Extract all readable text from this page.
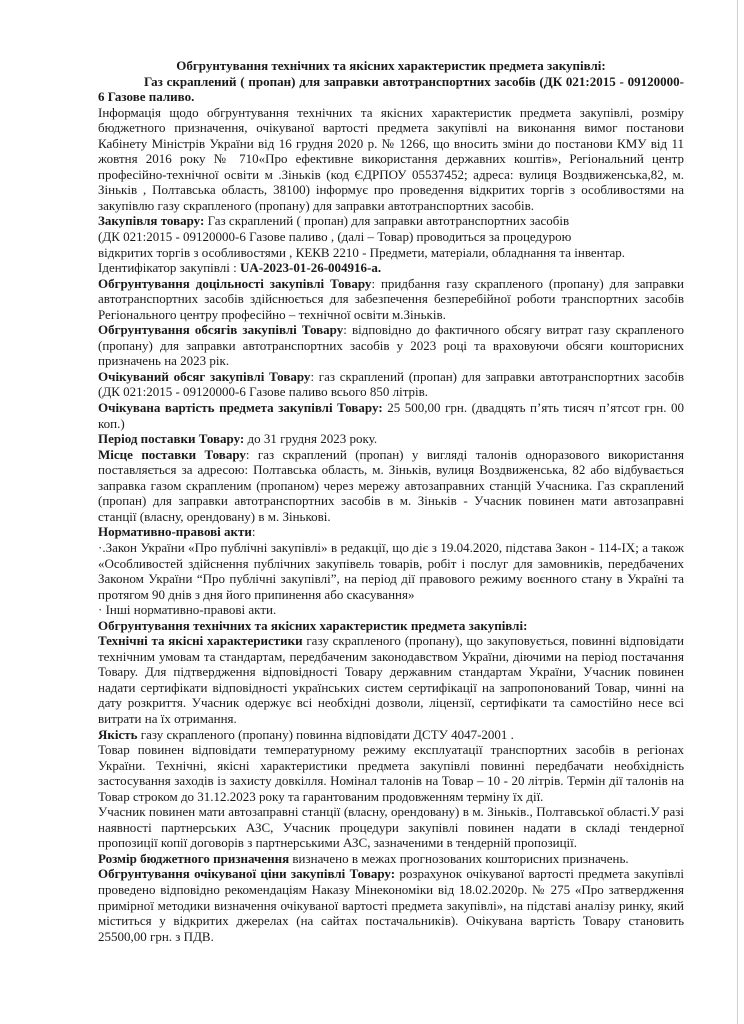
Обгрунтування технічних та якісних характеристик предмета закупівлі:

Газ скраплений ( пропан) для заправки автотранспортних засобів (ДК 021:2015 - 09120000-6 Газове паливо.

Інформація щодо обгрунтування технічних та якісних характеристик предмета закупівлі, розміру бюджетного призначення, очікуваної вартості предмета закупівлі на виконання вимог постанови Кабінету Міністрів України від 16 грудня 2020 р. № 1266, що вносить зміни до постанови КМУ від 11 жовтня 2016 року № 710«Про ефективне використання державних коштів», Регіональний центр професійно-технічної освіти м .Зіньків (код ЄДРПОУ 05537452; адреса: вулиця Воздвиженська,82, м. Зіньків , Полтавська область, 38100) інформує про проведення відкритих торгів з особливостями на закупівлю газу скрапленого (пропану) для заправки автотранспортних засобів.

Закупівля товару: Газ скраплений ( пропан) для заправки автотранспортних засобів

(ДК 021:2015 - 09120000-6 Газове паливо , (далі – Товар) проводиться за процедурою

відкритих торгів з особливостями , КЕКВ 2210 - Предмети, матеріали, обладнання та інвентар.

Ідентифікатор закупівлі : UA-2023-01-26-004916-a.

Обгрунтування доцільності закупівлі Товару: придбання газу скрапленого (пропану) для заправки автотранспортних засобів здійснюється для забезпечення безперебійної роботи транспортних засобів Регіонального центру професійно – технічної освіти м.Зіньків.

Обгрунтування обсягів закупівлі Товару: відповідно до фактичного обсягу витрат газу скрапленого (пропану) для заправки автотранспортних засобів у 2023 році та враховуючи обсяги кошторисних призначень на 2023 рік.

Очікуваний обсяг закупівлі Товару: газ скраплений (пропан) для заправки автотранспортних засобів (ДК 021:2015 - 09120000-6 Газове паливо всього 850 літрів.

Очікувана вартість предмета закупівлі Товару: 25 500,00 грн. (двадцять п’ять тисяч п’ятсот грн. 00 коп.)

Період поставки Товару: до 31 грудня 2023 року.

Місце поставки Товару: газ скраплений (пропан) у вигляді талонів одноразового використання поставляється за адресою: Полтавська область, м. Зіньків, вулиця Воздвиженська, 82 або відбувається заправка газом скрапленим (пропаном) через мережу автозаправних станцій Учасника. Газ скраплений (пропан) для заправки автотранспортних засобів в м. Зіньків - Учасник повинен мати автозаправні станції (власну, орендовану) в м. Зінькові.

Нормативно-правові акти:

·.Закон України «Про публічні закупівлі» в редакції, що діє з 19.04.2020, підстава Закон - 114-IX; а також «Особливостей здійснення публічних закупівель товарів, робіт і послуг для замовників, передбачених Законом України “Про публічні закупівлі”, на період дії правового режиму воєнного стану в Україні та протягом 90 днів з дня його припинення або скасування»

· Інші нормативно-правові акти.

Обгрунтування технічних та якісних характеристик предмета закупівлі:

Технічні та якісні характеристики газу скрапленого (пропану), що закуповується, повинні відповідати технічним умовам та стандартам, передбаченим законодавством України, діючими на період постачання Товару. Для підтвердження відповідності Товару державним стандартам України, Учасник повинен надати сертифікати відповідності українських систем сертифікації на запропонований Товар, чинні на дату розкриття. Учасник одержує всі необхідні дозволи, ліцензії, сертифікати та самостійно несе всі витрати на їх отримання.

Якість газу скрапленого (пропану) повинна відповідати ДСТУ 4047-2001 .

Товар повинен відповідати температурному режиму експлуатації транспортних засобів в регіонах України. Технічні, якісні характеристики предмета закупівлі повинні передбачати необхідність застосування заходів із захисту довкілля. Номінал талонів на Товар – 10 - 20 літрів. Термін дії талонів на Товар строком до 31.12.2023 року та гарантованим продовженням терміну їх дії.

Учасник повинен мати автозаправні станції (власну, орендовану) в м. Зіньків., Полтавської області.У разі наявності партнерських АЗС, Учасник процедури закупівлі повинен надати в складі тендерної пропозиції копії договорів з партнерськими АЗС, зазначеними в тендерній пропозиції.

Розмір бюджетного призначення визначено в межах прогнозованих кошторисних призначень.

Обгрунтування очікуваної ціни закупівлі Товару: розрахунок очікуваної вартості предмета закупівлі проведено відповідно рекомендаціям Наказу Мінекономіки від 18.02.2020р. № 275 «Про затвердження примірної методики визначення очікуваної вартості предмета закупівлі», на підставі аналізу ринку, який міститься у відкритих джерелах (на сайтах постачальників). Очікувана вартість Товару становить 25500,00 грн. з ПДВ.
